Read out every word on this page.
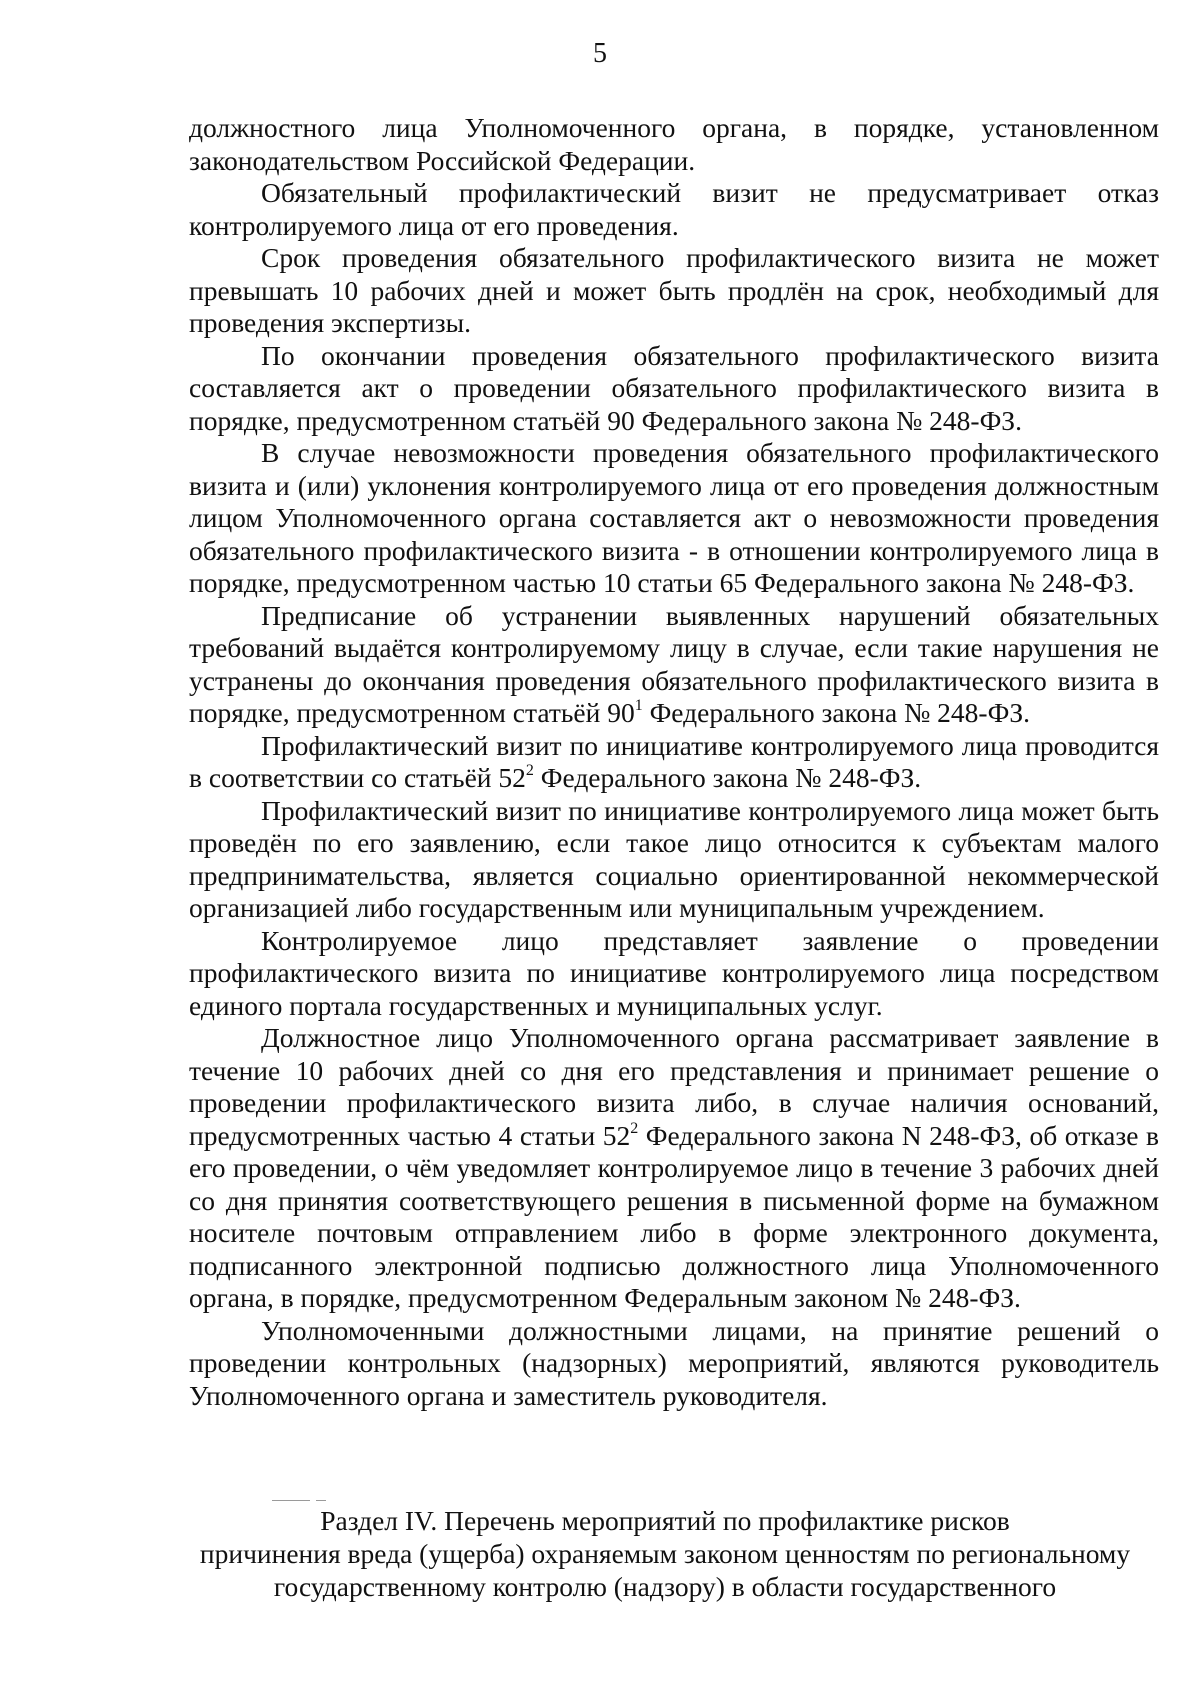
5

должностного лица Уполномоченного органа, в порядке, установленном законодательством Российской Федерации.

Обязательный профилактический визит не предусматривает отказ контролируемого лица от его проведения.

Срок проведения обязательного профилактического визита не может превышать 10 рабочих дней и может быть продлён на срок, необходимый для проведения экспертизы.

По окончании проведения обязательного профилактического визита составляется акт о проведении обязательного профилактического визита в порядке, предусмотренном статьёй 90 Федерального закона № 248-ФЗ.

В случае невозможности проведения обязательного профилактического визита и (или) уклонения контролируемого лица от его проведения должностным лицом Уполномоченного органа составляется акт о невозможности проведения обязательного профилактического визита - в отношении контролируемого лица в порядке, предусмотренном частью 10 статьи 65 Федерального закона № 248-ФЗ.

Предписание об устранении выявленных нарушений обязательных требований выдаётся контролируемому лицу в случае, если такие нарушения не устранены до окончания проведения обязательного профилактического визита в порядке, предусмотренном статьёй $90^1$ Федерального закона № 248-ФЗ.

Профилактический визит по инициативе контролируемого лица проводится в соответствии со статьёй $52^2$ Федерального закона № 248-ФЗ.

Профилактический визит по инициативе контролируемого лица может быть проведён по его заявлению, если такое лицо относится к субъектам малого предпринимательства, является социально ориентированной некоммерческой организацией либо государственным или муниципальным учреждением.

Контролируемое лицо представляет заявление о проведении профилактического визита по инициативе контролируемого лица посредством единого портала государственных и муниципальных услуг.

Должностное лицо Уполномоченного органа рассматривает заявление в течение 10 рабочих дней со дня его представления и принимает решение о проведении профилактического визита либо, в случае наличия оснований, предусмотренных частью 4 статьи $52^2$ Федерального закона N 248-ФЗ, об отказе в его проведении, о чём уведомляет контролируемое лицо в течение 3 рабочих дней со дня принятия соответствующего решения в письменной форме на бумажном носителе почтовым отправлением либо в форме электронного документа, подписанного электронной подписью должностного лица Уполномоченного органа, в порядке, предусмотренном Федеральным законом № 248-ФЗ.

Уполномоченными должностными лицами, на принятие решений о проведении контрольных (надзорных) мероприятий, являются руководитель Уполномоченного органа и заместитель руководителя.

Раздел IV. Перечень мероприятий по профилактике рисков
причинения вреда (ущерба) охраняемым законом ценностям по региональному
государственному контролю (надзору) в области государственного
